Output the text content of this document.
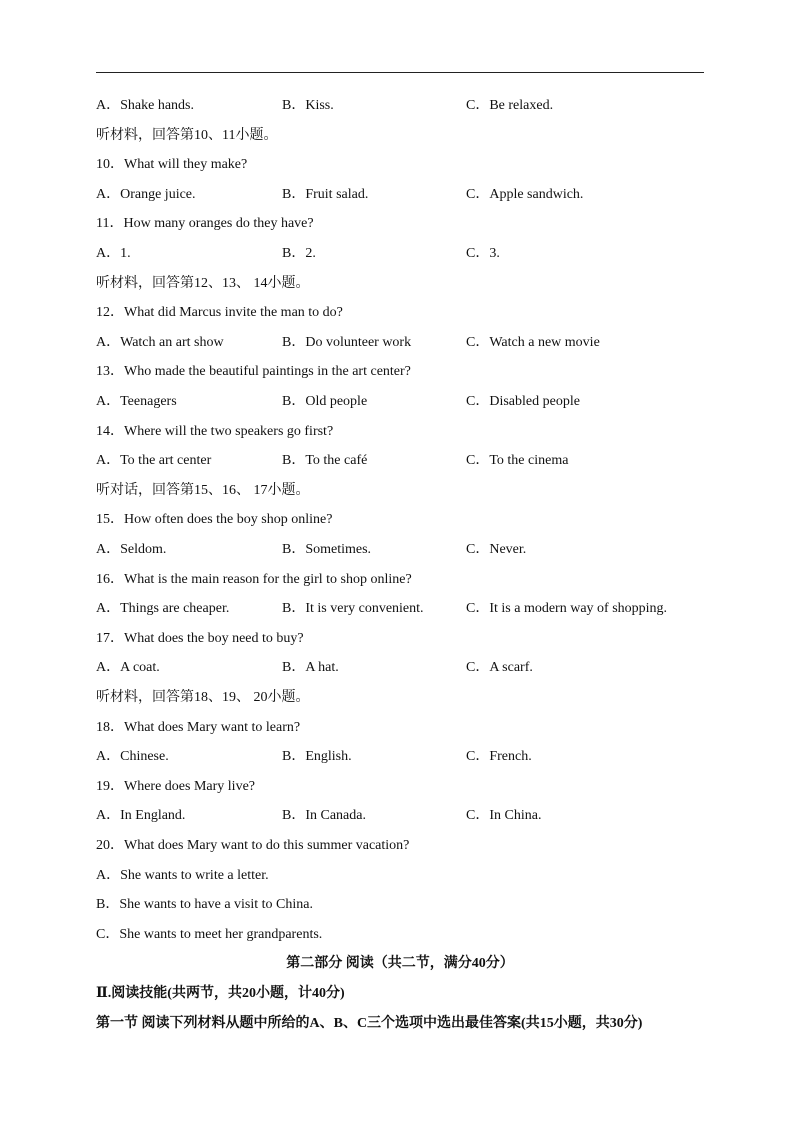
A．Shake hands.	B．Kiss.	C．Be relaxed.
听材料，回答第10、11小题。
10．What will they make?
A．Orange juice.	B．Fruit salad.	C．Apple sandwich.
11．How many oranges do they have?
A．1.	B．2.	C．3.
听材料，回答第12、13、 14小题。
12．What did Marcus invite the man to do?
A．Watch an art show	B．Do volunteer work	C．Watch a new movie
13．Who made the beautiful paintings in the art center?
A．Teenagers	B．Old people	C．Disabled people
14．Where will the two speakers go first?
A．To the art center	B．To the café	C．To the cinema
听对话，回答第15、16、 17小题。
15．How often does the boy shop online?
A．Seldom.	B．Sometimes.	C．Never.
16．What is the main reason for the girl to shop online?
A．Things are cheaper.	B．It is very convenient.	C．It is a modern way of shopping.
17．What does the boy need to buy?
A．A coat.	B．A hat.	C．A scarf.
听材料，回答第18、19、 20小题。
18．What does Mary want to learn?
A．Chinese.	B．English.	C．French.
19．Where does Mary live?
A．In England.	B．In Canada.	C．In China.
20．What does Mary want to do this summer vacation?
A．She wants to write a letter.
B．She wants to have a visit to China.
C．She wants to meet her grandparents.
第二部分 阅读（共二节，满分40分）
Ⅱ.阅读技能(共两节，共20小题，计40分)
第一节 阅读下列材料从题中所给的A、B、C三个选项中选出最佳答案(共15小题，共30分)
